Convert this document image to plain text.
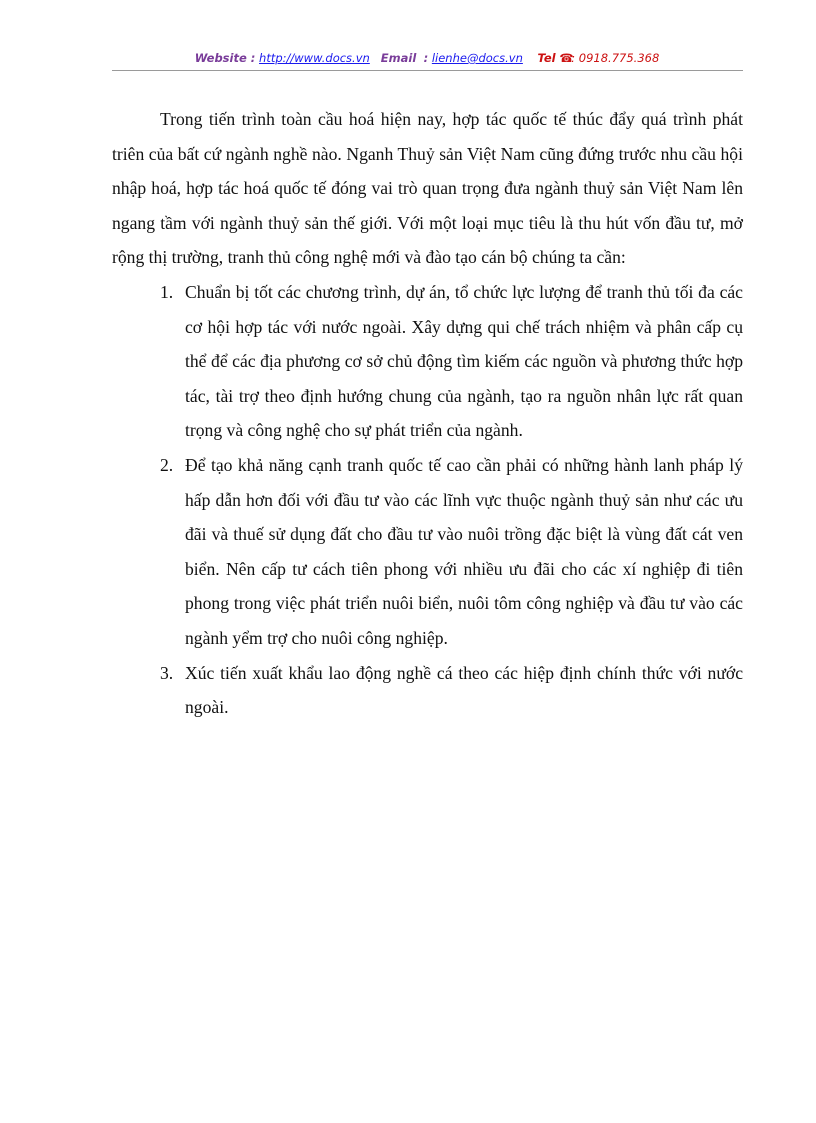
Website : http://www.docs.vn Email : lienhe@docs.vn Tel ☎: 0918.775.368

Trong tiến trình toàn cầu hoá hiện nay, hợp tác quốc tế thúc đẩy quá trình phát triên của bất cứ ngành nghề nào. Nganh Thuỷ sản Việt Nam cũng đứng trước nhu cầu hội nhập hoá, hợp tác hoá quốc tế đóng vai trò quan trọng đưa ngành thuỷ sản Việt Nam lên ngang tầm với ngành thuỷ sản thế giới. Với một loại mục tiêu là thu hút vốn đầu tư, mở rộng thị trường, tranh thủ công nghệ mới và đào tạo cán bộ chúng ta cần:

1. Chuẩn bị tốt các chương trình, dự án, tổ chức lực lượng để tranh thủ tối đa các cơ hội hợp tác với nước ngoài. Xây dựng qui chế trách nhiệm và phân cấp cụ thể để các địa phương cơ sở chủ động tìm kiếm các nguồn và phương thức hợp tác, tài trợ theo định hướng chung của ngành, tạo ra nguồn nhân lực rất quan trọng và công nghệ cho sự phát triển của ngành.
2. Để tạo khả năng cạnh tranh quốc tế cao cần phải có những hành lanh pháp lý hấp dẫn hơn đối với đầu tư vào các lĩnh vực thuộc ngành thuỷ sản như các ưu đãi và thuế sử dụng đất cho đầu tư vào nuôi trồng đặc biệt là vùng đất cát ven biển. Nên cấp tư cách tiên phong với nhiều ưu đãi cho các xí nghiệp đi tiên phong trong việc phát triển nuôi biển, nuôi tôm công nghiệp và đầu tư vào các ngành yểm trợ cho nuôi công nghiệp.
3. Xúc tiến xuất khẩu lao động nghề cá theo các hiệp định chính thức với nước ngoài.
